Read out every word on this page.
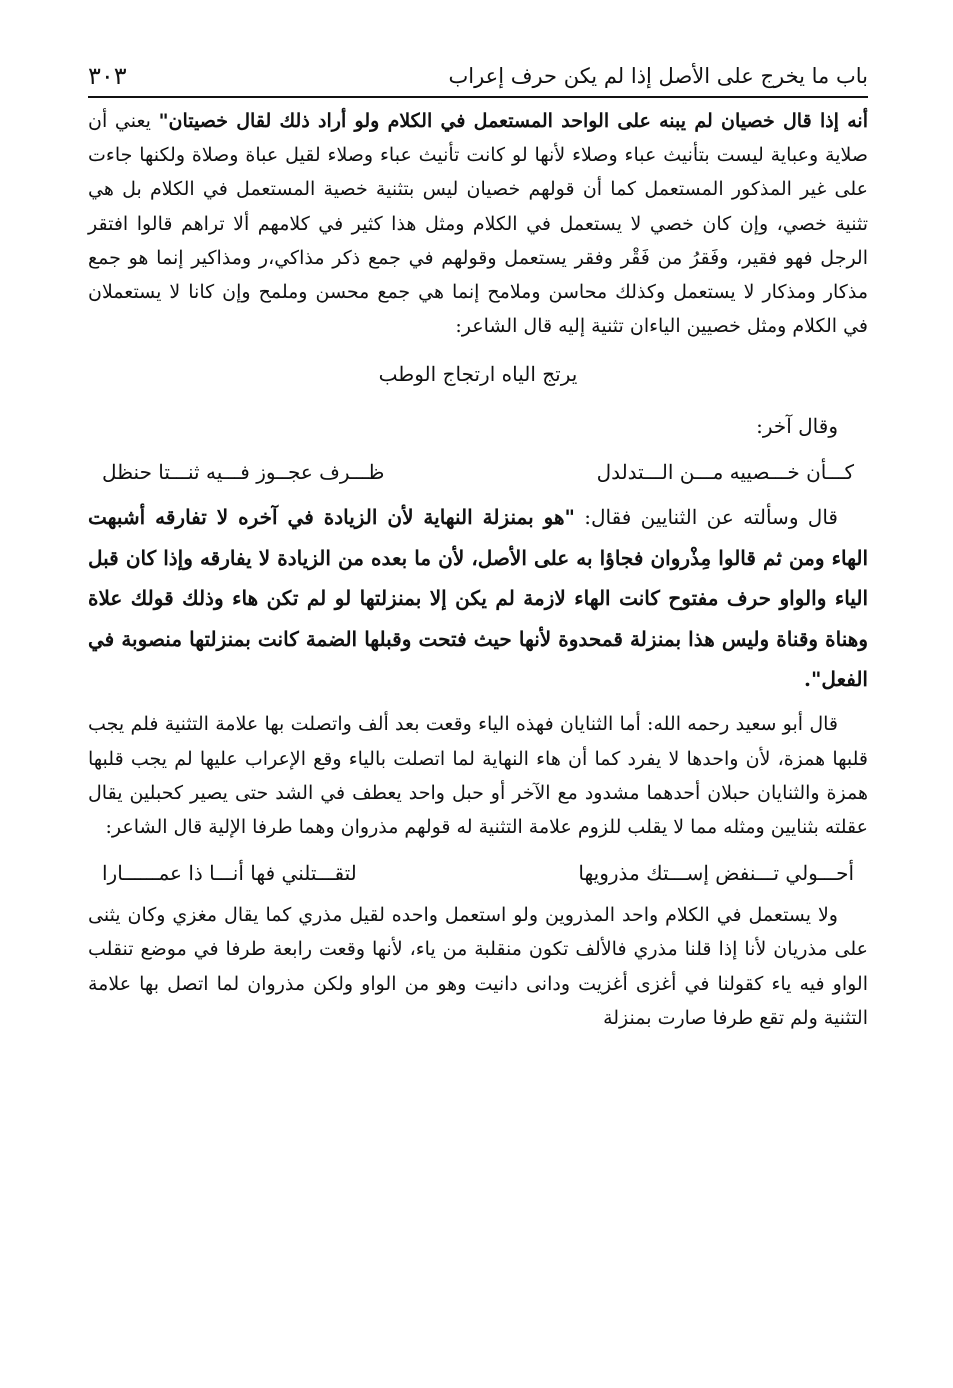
باب ما يخرج على الأصل إذا لم يكن حرف إعراب
٣٠٣

أنه إذا قال خصيان لم يبنه على الواحد المستعمل في الكلام ولو أراد ذلك لقال خصيتان" يعني أن صلاية وعباية ليست بتأنيث عباء وصلاء لأنها لو كانت تأنيث عباء وصلاء لقيل عباة وصلاة ولكنها جاءت على غير المذكور المستعمل كما أن قولهم خصيان ليس بتثنية خصية المستعمل في الكلام بل هي تثنية خصي، وإن كان خصي لا يستعمل في الكلام ومثل هذا كثير في كلامهم ألا تراهم قالوا افتقر الرجل فهو فقير، وفَقرُ من فَقْر وفقر يستعمل وقولهم في جمع ذكر مذاكي،ر ومذاكير إنما هو جمع مذكار ومذكار لا يستعمل وكذلك محاسن وملامح إنما هي جمع محسن وملمح وإن كانا لا يستعملان في الكلام ومثل خصيين الياءان تثنية إليه قال الشاعر:

يرتج الياه ارتجاج الوطب
وقال آخر:
كـــأن خـــصييه مـــن الـــتدلدل
ظـــرف عجــوز فـــيه ثنـــتا حنظل

قال وسألته عن الثنايين فقال: "هو بمنزلة النهاية لأن الزيادة في آخره لا تفارقه أشبهت الهاء ومن ثم قالوا مِذْروان فجاؤا به على الأصل، لأن ما بعده من الزيادة لا يفارقه وإذا كان قبل الياء والواو حرف مفتوح كانت الهاء لازمة لم يكن إلا بمنزلتها لو لم تكن هاء وذلك قولك علاة وهناة وقناة وليس هذا بمنزلة قمحدوة لأنها حيث فتحت وقبلها الضمة كانت بمنزلتها منصوبة في الفعل".

قال أبو سعيد رحمه الله: أما الثنايان فهذه الياء وقعت بعد ألف واتصلت بها علامة التثنية فلم يجب قلبها همزة، لأن واحدها لا يفرد كما أن هاء النهاية لما اتصلت بالياء وقع الإعراب عليها لم يجب قلبها همزة والثنايان حبلان أحدهما مشدود مع الآخر أو حبل واحد يعطف في الشد حتى يصير كحبلين يقال عقلته بثنايين ومثله مما لا يقلب للزوم علامة التثنية له قولهم مذروان وهما طرفا الإلية قال الشاعر:

أحـــولي تـــنفض إســـتك مذرويها
لتقـــتلني فها أنـــا ذا عمــــــارا

ولا يستعمل في الكلام واحد المذروين ولو استعمل واحده لقيل مذري كما يقال مغزي وكان يثنى على مذريان لأنا إذا قلنا مذري فالألف تكون منقلبة من ياء، لأنها وقعت رابعة طرفا في موضع تنقلب الواو فيه ياء كقولنا في أغزى أغزيت ودانى دانيت وهو من الواو ولكن مذروان لما اتصل بها علامة التثنية ولم تقع طرفا صارت بمنزلة
